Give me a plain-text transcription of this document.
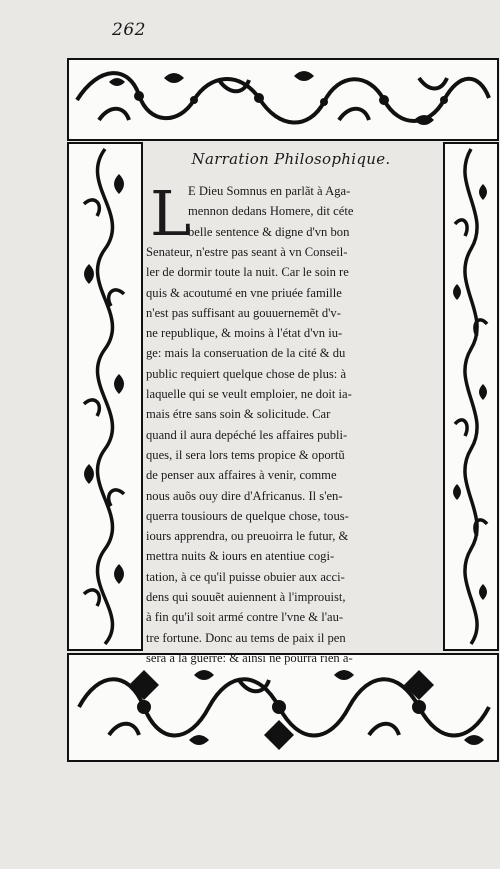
262
Narration Philosophique.
L
E Dieu Somnus en parlãt à Aga-
mennon dedans Homere, dit céte
belle sentence & digne d'vn bon
Senateur, n'estre pas seant à vn Conseil-
ler de dormir toute la nuit. Car le soin re
quis & acoutumé en vne priuée famille
n'est pas suffisant au gouuernemẽt d'v-
ne republique, & moins à l'état d'vn iu-
ge: mais la conseruation de la cité & du
public requiert quelque chose de plus: à
laquelle qui se veult emploier, ne doit ia-
mais étre sans soin & solicitude. Car
quand il aura depéché les affaires publi-
ques, il sera lors tems propice & oportũ
de penser aux affaires à venir, comme
nous auõs ouy dire d'Africanus. Il s'en-
querra tousiours de quelque chose, tous-
iours apprendra, ou preuoirra le futur, &
mettra nuits & iours en atentiue cogi-
tation, à ce qu'il puisse obuier aux acci-
dens qui souuẽt auiennent à l'improuist,
à fin qu'il soit armé contre l'vne & l'au-
tre fortune. Donc au tems de paix il pen
sera à la guerre: & ainsi ne pourra rien a-
